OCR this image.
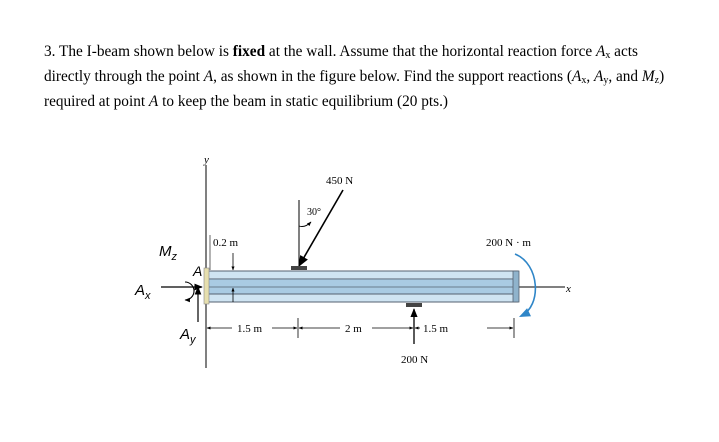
3. The I-beam shown below is fixed at the wall. Assume that the horizontal reaction force $A_x$ acts directly through the point A, as shown in the figure below. Find the support reactions ($A_x$, $A_y$, and $M_z$) required at point A to keep the beam in static equilibrium (20 pts.)
y
x
30°
450 N
0.2 m
$M_z$
A
$A_x$
$A_y$
200 N · m
200 N
1.5 m	2 m	1.5 m
